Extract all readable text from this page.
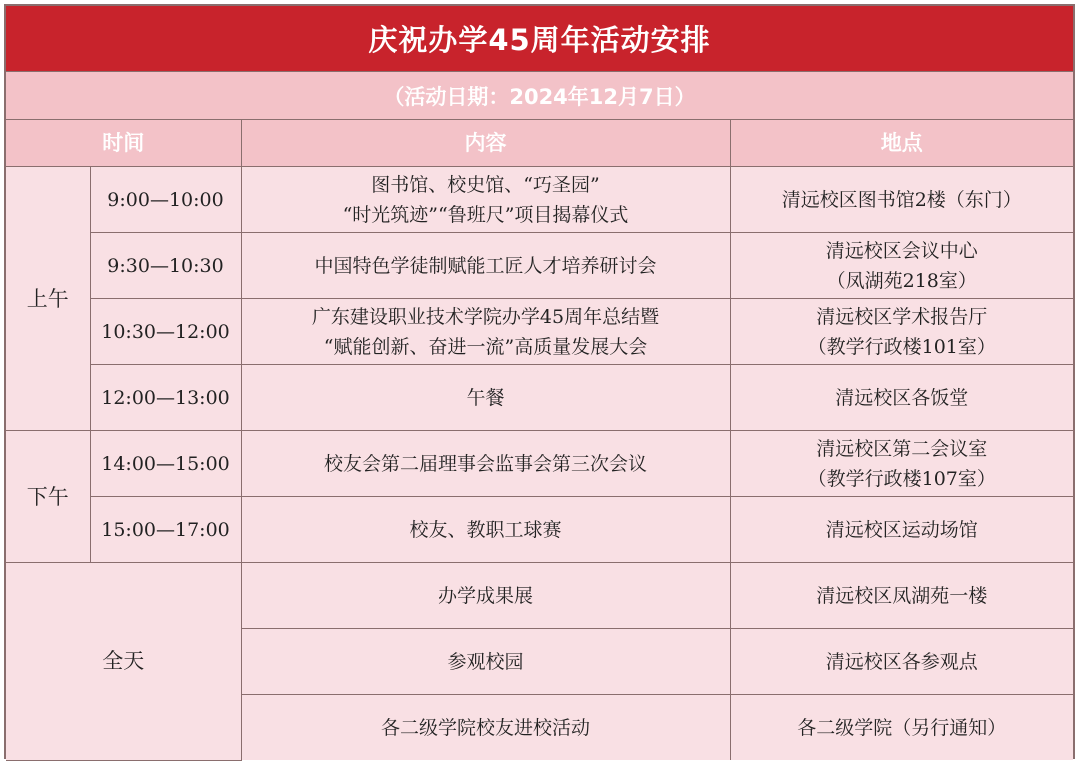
庆祝办学45周年活动安排
（活动日期：2024年12月7日）
时间		内容	地点
上午	9:00—10:00	图书馆、校史馆、“巧圣园”
“时光筑迹”“鲁班尺”项目揭幕仪式	清远校区图书馆2楼（东门）

	9:30—10:30	中国特色学徒制赋能工匠人才培养研讨会	清远校区会议中心
（凤湖苑218室）

	10:30—12:00	广东建设职业技术学院办学45周年总结暨
“赋能创新、奋进一流”高质量发展大会	清远校区学术报告厅
（教学行政楼101室）

	12:00—13:00	午餐	清远校区各饭堂

下午	14:00—15:00	校友会第二届理事会监事会第三次会议	清远校区第二会议室
（教学行政楼107室）

	15:00—17:00	校友、教职工球赛	清远校区运动场馆

全天		办学成果展	清远校区凤湖苑一楼

		参观校园	清远校区各参观点

		各二级学院校友进校活动	各二级学院（另行通知）
